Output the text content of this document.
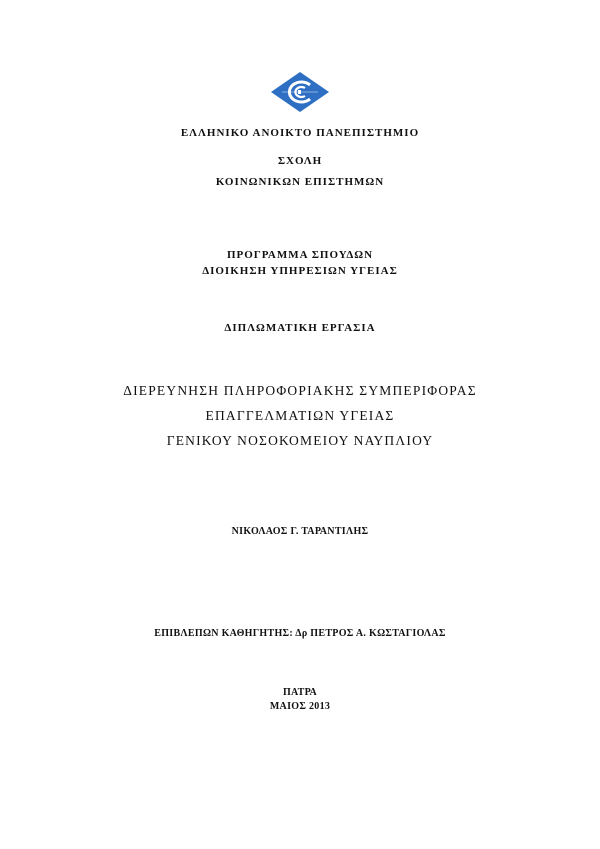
ΕΛΛΗΝΙΚΟ ΑΝΟΙΚΤΟ ΠΑΝΕΠΙΣΤΗΜΙΟ
ΣΧΟΛΗ
ΚΟΙΝΩΝΙΚΩΝ ΕΠΙΣΤΗΜΩΝ
ΠΡΟΓΡΑΜΜΑ ΣΠΟΥΔΩΝ
ΔΙΟΙΚΗΣΗ ΥΠΗΡΕΣΙΩΝ ΥΓΕΙΑΣ
ΔΙΠΛΩΜΑΤΙΚΗ ΕΡΓΑΣΙΑ
ΔΙΕΡΕΥΝΗΣΗ ΠΛΗΡΟΦΟΡΙΑΚΗΣ ΣΥΜΠΕΡΙΦΟΡΑΣ
ΕΠΑΓΓΕΛΜΑΤΙΩΝ ΥΓΕΙΑΣ
ΓΕΝΙΚΟΥ ΝΟΣΟΚΟΜΕΙΟΥ ΝΑΥΠΛΙΟΥ
ΝΙΚΟΛΑΟΣ Γ. ΤΑΡΑΝΤΙΛΗΣ
ΕΠΙΒΛΕΠΩΝ ΚΑΘΗΓΗΤΗΣ: Δρ ΠΕΤΡΟΣ Α. ΚΩΣΤΑΓΙΟΛΑΣ
ΠΑΤΡΑ
ΜΑΙΟΣ 2013
